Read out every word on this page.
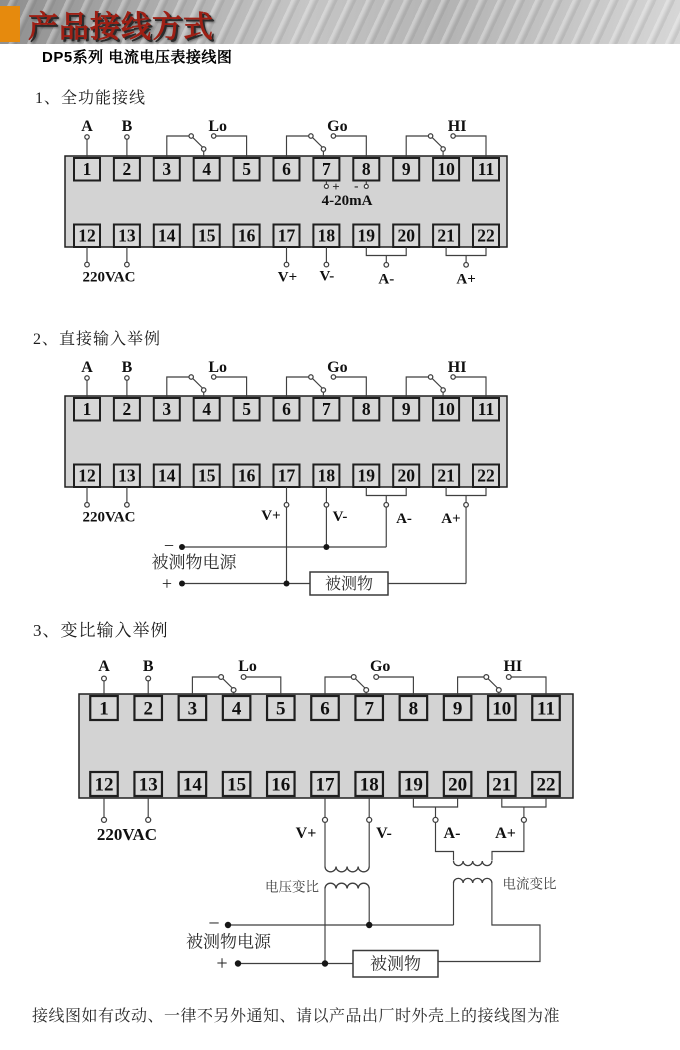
产品接线方式
DP5系列 电流电压表接线图
1、全功能接线
2、直接输入举例
3、变比输入举例
A B	Lo	Go	HI
1
12
2
13
3
14
4
15
5
16
6
17
7
18
8
19
9
20
10
21
11
22
+ -
4-20mA
220VAC	V+ V-	A-	A+
A B	Lo	Go	HI
1
12
2
13
3
14
4
15
5
16
6
17
7
18
8
19
9
20
10
21
11
22
220VAC	V+	V-	A- A+
−
+
被测物电源
被测物
A B	Lo	Go	HI
1
12
2
13
3
14
4
15
5
16
6
17
7
18
8
19
9
20
10
21
11
22
220VAC	V+	V-	A- A+
电压变比	电流变比
−
+
被测物电源
被测物
接线图如有改动、一律不另外通知、请以产品出厂时外壳上的接线图为准
